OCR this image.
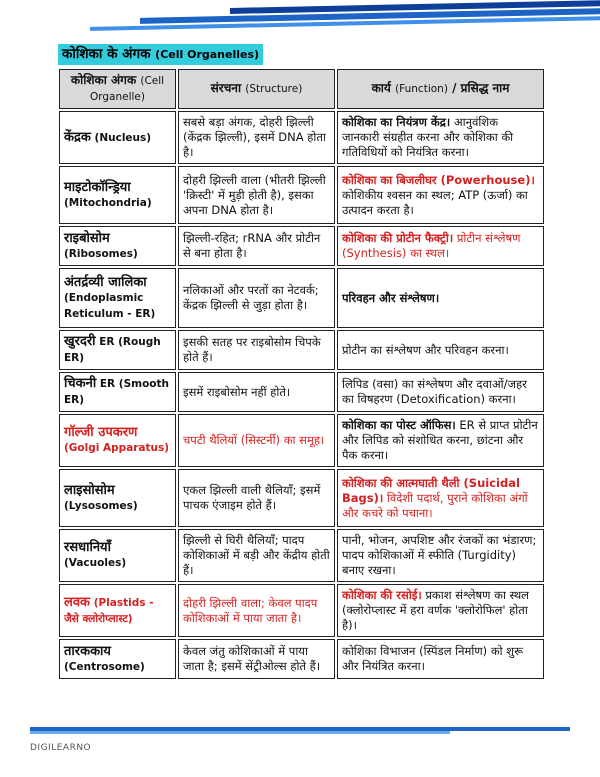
कोशिका के अंगक (Cell Organelles)
कोशिका अंगक (Cell Organelle)	संरचना (Structure)	कार्य (Function) / प्रसिद्ध नाम
केंद्रक (Nucleus)	सबसे बड़ा अंगक, दोहरी झिल्ली (केंद्रक झिल्ली), इसमें DNA होता है।	कोशिका का नियंत्रण केंद्र। आनुवंशिक जानकारी संग्रहीत करना और कोशिका की गतिविधियों को नियंत्रित करना।
माइटोकॉन्ड्रिया (Mitochondria)	दोहरी झिल्ली वाला (भीतरी झिल्ली 'क्रिस्टी' में मुड़ी होती है), इसका अपना DNA होता है।	कोशिका का बिजलीघर (Powerhouse)। कोशिकीय श्वसन का स्थल; ATP (ऊर्जा) का उत्पादन करता है।
राइबोसोम (Ribosomes)	झिल्ली-रहित; rRNA और प्रोटीन से बना होता है।	कोशिका की प्रोटीन फैक्ट्री। प्रोटीन संश्लेषण (Synthesis) का स्थल।
अंतर्द्रव्यी जालिका (Endoplasmic Reticulum - ER)	नलिकाओं और परतों का नेटवर्क; केंद्रक झिल्ली से जुड़ा होता है।	परिवहन और संश्लेषण।
खुरदरी ER (Rough ER)	इसकी सतह पर राइबोसोम चिपके होते हैं।	प्रोटीन का संश्लेषण और परिवहन करना।
चिकनी ER (Smooth ER)	इसमें राइबोसोम नहीं होते।	लिपिड (वसा) का संश्लेषण और दवाओं/जहर का विषहरण (Detoxification) करना।
गॉल्जी उपकरण (Golgi Apparatus)	चपटी थैलियों (सिस्टर्नी) का समूह।	कोशिका का पोस्ट ऑफिस। ER से प्राप्त प्रोटीन और लिपिड को संशोधित करना, छांटना और पैक करना।
लाइसोसोम (Lysosomes)	एकल झिल्ली वाली थैलियाँ; इसमें पाचक एंजाइम होते हैं।	कोशिका की आत्मघाती थैली (Suicidal Bags)। विदेशी पदार्थ, पुराने कोशिका अंगों और कचरे को पचाना।
रसधानियाँ (Vacuoles)	झिल्ली से घिरी थैलियाँ; पादप कोशिकाओं में बड़ी और केंद्रीय होती हैं।	पानी, भोजन, अपशिष्ट और रंजकों का भंडारण; पादप कोशिकाओं में स्फीति (Turgidity) बनाए रखना।
लवक (Plastids - जैसे क्लोरोप्लास्ट)	दोहरी झिल्ली वाला; केवल पादप कोशिकाओं में पाया जाता है।	कोशिका की रसोई। प्रकाश संश्लेषण का स्थल (क्लोरोप्लास्ट में हरा वर्णक 'क्लोरोफिल' होता है)।
तारककाय (Centrosome)	केवल जंतु कोशिकाओं में पाया जाता है; इसमें सेंट्रीओल्स होते हैं।	कोशिका विभाजन (स्पिंडल निर्माण) को शुरू और नियंत्रित करना।
DIGILEARNO
